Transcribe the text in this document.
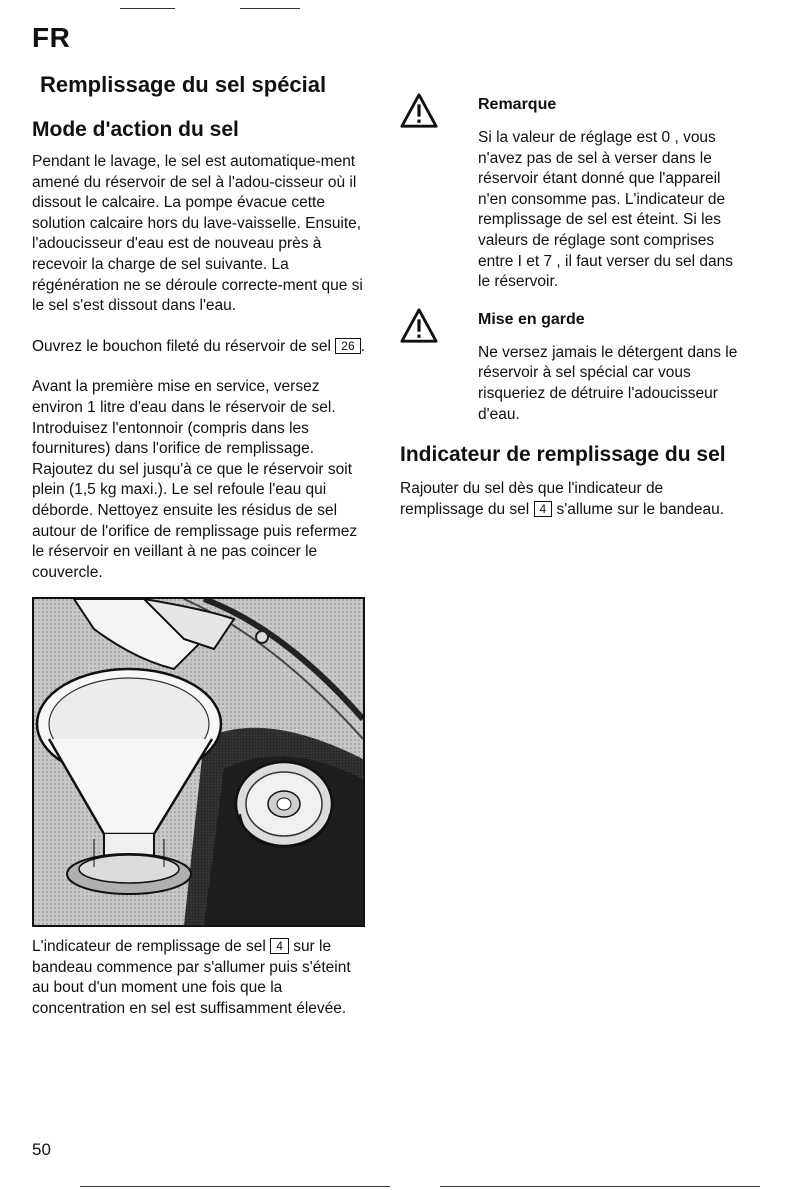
FR
Remplissage du sel spécial
Mode d'action du sel

Pendant le lavage, le sel est automatique-ment amené du réservoir de sel à l'adou-cisseur où il dissout le calcaire. La pompe évacue cette solution calcaire hors du lave-vaisselle. Ensuite, l'adoucisseur d'eau est de nouveau près à recevoir la charge de sel suivante. La régénération ne se déroule correcte-ment que si le sel s'est dissout dans l'eau.

Ouvrez le bouchon fileté du réservoir de sel 26 .

Avant la première mise en service, versez environ 1 litre d'eau dans le réservoir de sel.

Introduisez l'entonnoir (compris dans les fournitures) dans l'orifice de remplissage.

Rajoutez du sel jusqu'à ce que le réservoir soit plein (1,5 kg maxi.). Le sel refoule l'eau qui déborde. Nettoyez ensuite les résidus de sel autour de l'orifice de remplissage puis refermez le réservoir en veillant à ne pas coincer le couvercle.

L'indicateur de remplissage de sel 4 sur le bandeau commence par s'allumer puis s'éteint au bout d'un moment une fois que la concentration en sel est suffisamment élevée.

Remarque

Si la valeur de réglage est 0 , vous n'avez pas de sel à verser dans le réservoir étant donné que l'appareil n'en consomme pas. L'indicateur de remplissage de sel est éteint. Si les valeurs de réglage sont comprises entre I et 7 , il faut verser du sel dans le réservoir.

Mise en garde

Ne versez jamais le détergent dans le réservoir à sel spécial car vous risqueriez de détruire l'adoucisseur d'eau.

Indicateur de remplissage du sel

Rajouter du sel dès que l'indicateur de remplissage du sel 4 s'allume sur le bandeau.

50
